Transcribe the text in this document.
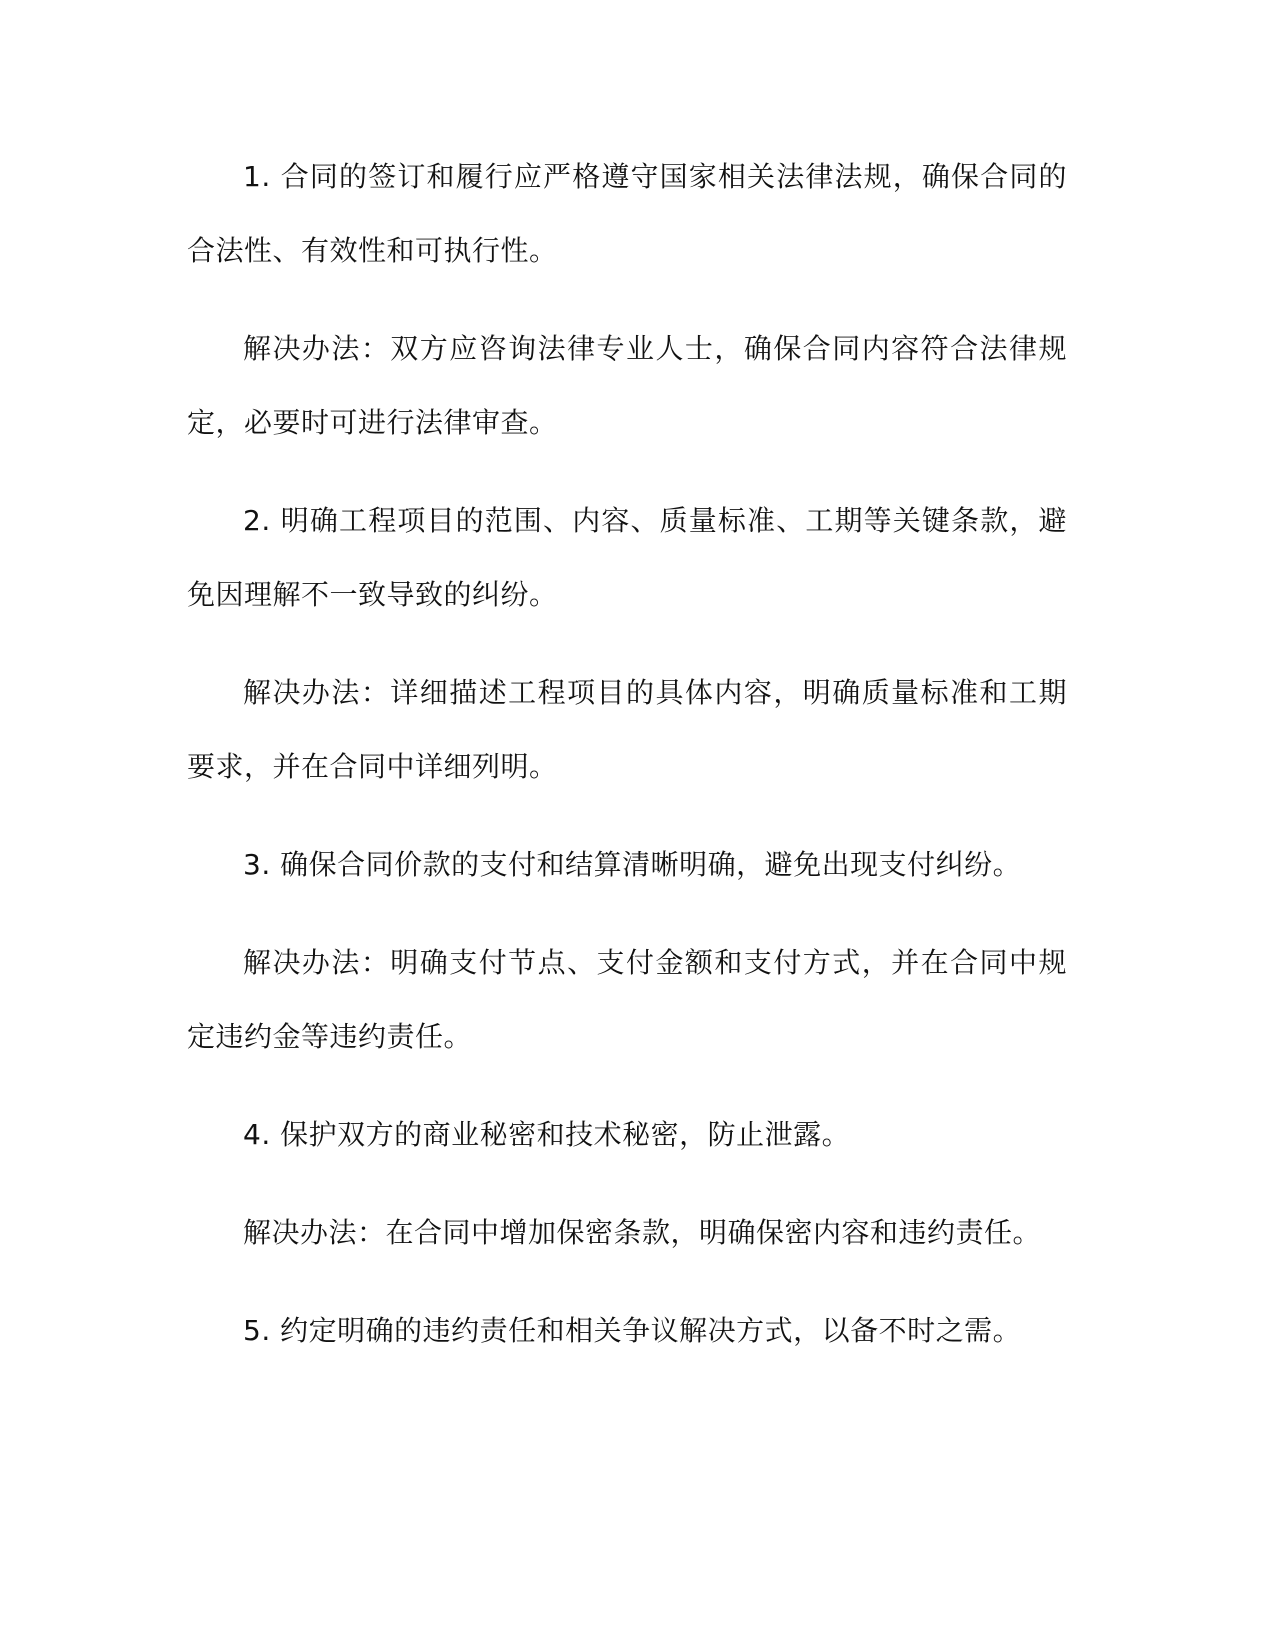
1. 合同的签订和履行应严格遵守国家相关法律法规，确保合同的合法性、有效性和可执行性。

解决办法：双方应咨询法律专业人士，确保合同内容符合法律规定，必要时可进行法律审查。

2. 明确工程项目的范围、内容、质量标准、工期等关键条款，避免因理解不一致导致的纠纷。

解决办法：详细描述工程项目的具体内容，明确质量标准和工期要求，并在合同中详细列明。

3. 确保合同价款的支付和结算清晰明确，避免出现支付纠纷。

解决办法：明确支付节点、支付金额和支付方式，并在合同中规定违约金等违约责任。

4. 保护双方的商业秘密和技术秘密，防止泄露。

解决办法：在合同中增加保密条款，明确保密内容和违约责任。

5. 约定明确的违约责任和相关争议解决方式，以备不时之需。
